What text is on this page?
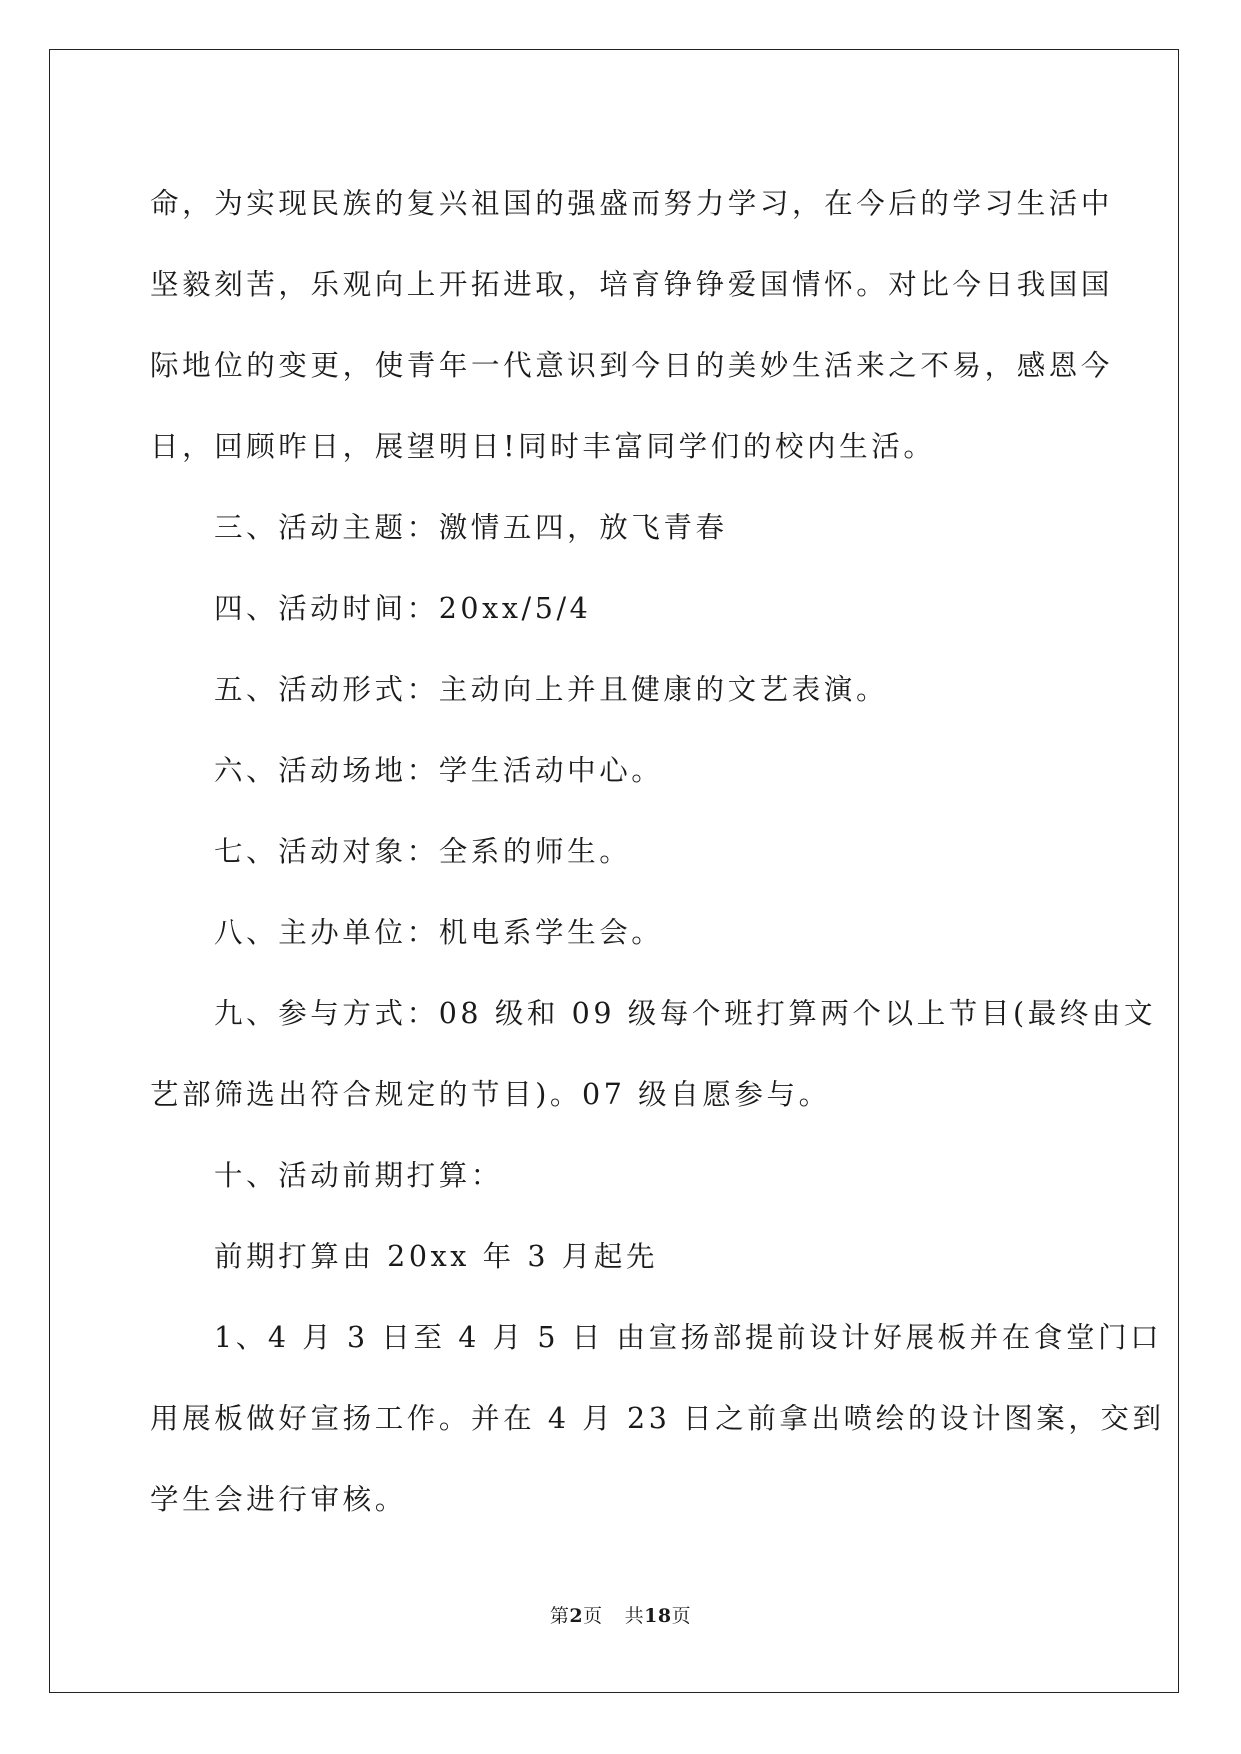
命，为实现民族的复兴祖国的强盛而努力学习，在今后的学习生活中
坚毅刻苦，乐观向上开拓进取，培育铮铮爱国情怀。对比今日我国国
际地位的变更，使青年一代意识到今日的美妙生活来之不易，感恩今
日，回顾昨日，展望明日!同时丰富同学们的校内生活。

三、活动主题：激情五四，放飞青春

四、活动时间：20xx/5/4

五、活动形式：主动向上并且健康的文艺表演。

六、活动场地：学生活动中心。

七、活动对象：全系的师生。

八、主办单位：机电系学生会。

九、参与方式：08 级和 09 级每个班打算两个以上节目(最终由文
艺部筛选出符合规定的节目)。07 级自愿参与。

十、活动前期打算：

前期打算由 20xx 年 3 月起先

1、4 月 3 日至 4 月 5 日 由宣扬部提前设计好展板并在食堂门口
用展板做好宣扬工作。并在 4 月 23 日之前拿出喷绘的设计图案，交到
学生会进行审核。

第2页 共18页
